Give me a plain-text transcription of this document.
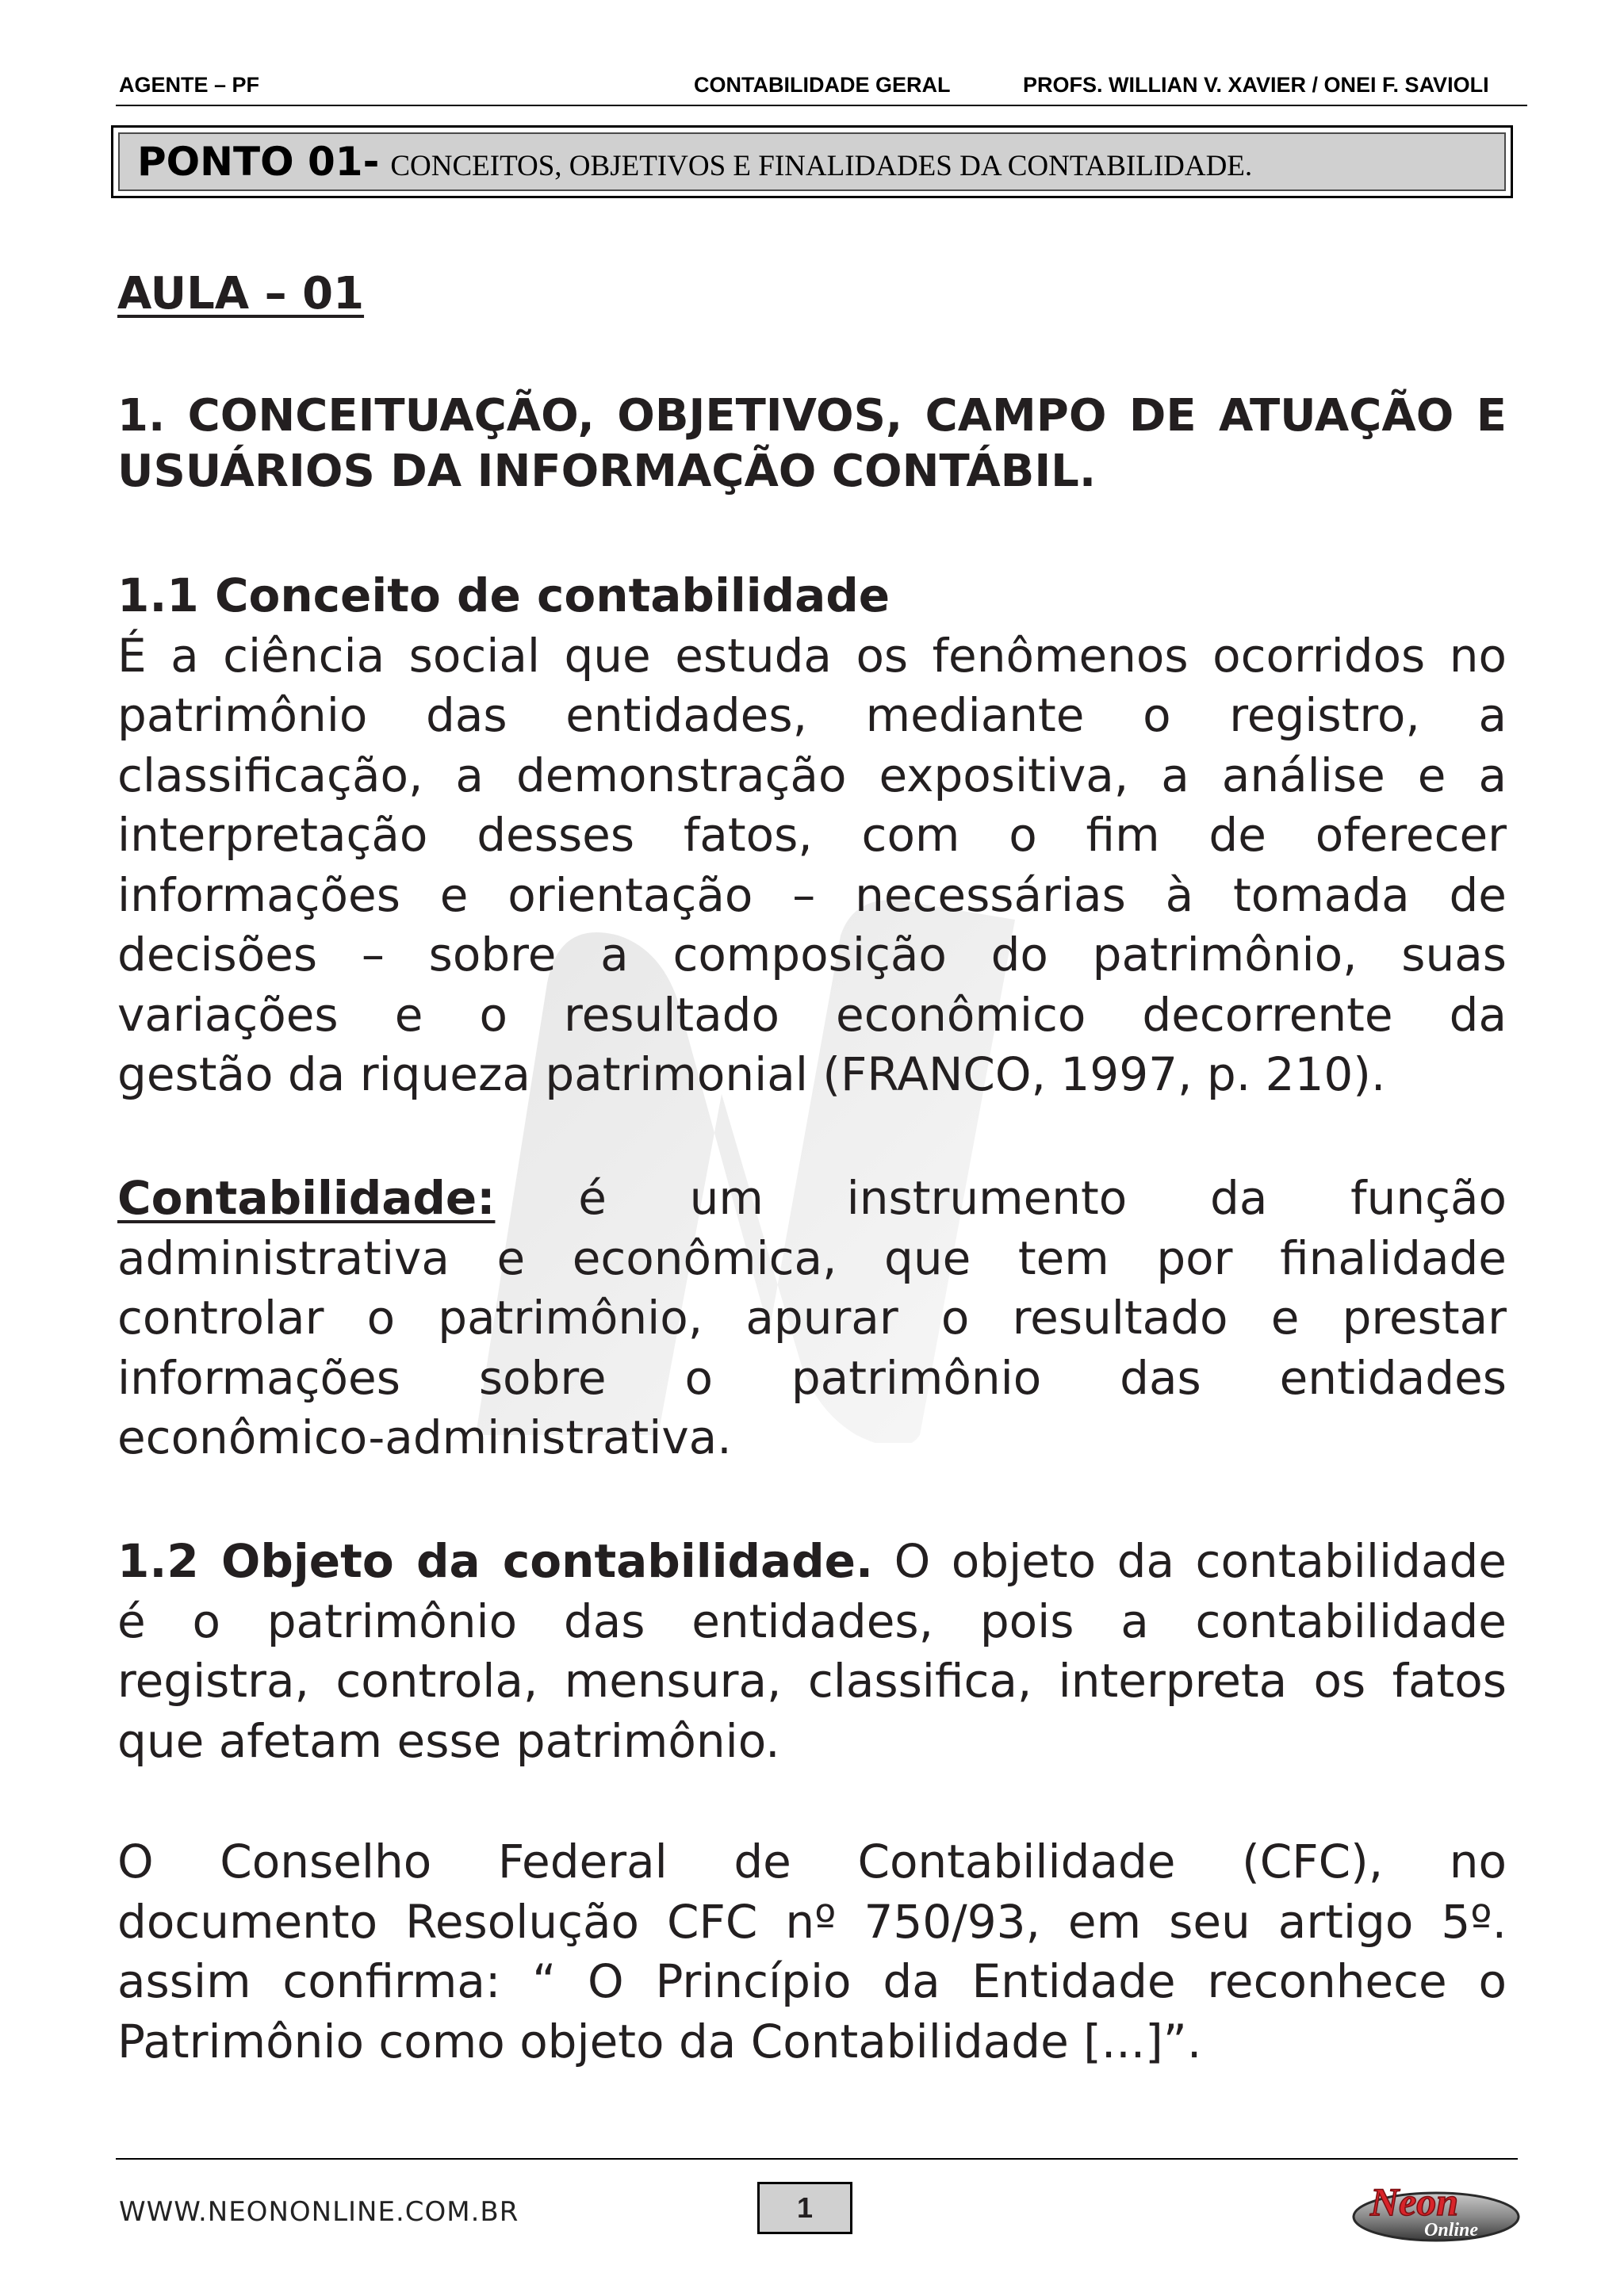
AGENTE – PF	CONTABILIDADE GERAL	PROFS. WILLIAN V. XAVIER / ONEI F. SAVIOLI
PONTO 01- CONCEITOS, OBJETIVOS E FINALIDADES DA CONTABILIDADE.
AULA – 01
1. CONCEITUAÇÃO, OBJETIVOS, CAMPO DE ATUAÇÃO E
USUÁRIOS DA INFORMAÇÃO CONTÁBIL.
1.1 Conceito de contabilidade
É a ciência social que estuda os fenômenos ocorridos no
patrimônio das entidades, mediante o registro, a
classificação, a demonstração expositiva, a análise e a
interpretação desses fatos, com o fim de oferecer
informações e orientação – necessárias à tomada de
decisões – sobre a composição do patrimônio, suas
variações e o resultado econômico decorrente da
gestão da riqueza patrimonial (FRANCO, 1997, p. 210).
Contabilidade: é um instrumento da função
administrativa e econômica, que tem por finalidade
controlar o patrimônio, apurar o resultado e prestar
informações sobre o patrimônio das entidades
econômico-administrativa.
1.2 Objeto da contabilidade. O objeto da contabilidade
é o patrimônio das entidades, pois a contabilidade
registra, controla, mensura, classifica, interpreta os fatos
que afetam esse patrimônio.
O Conselho Federal de Contabilidade (CFC), no
documento Resolução CFC nº 750/93, em seu artigo 5º.
assim confirma: “ O Princípio da Entidade reconhece o
Patrimônio como objeto da Contabilidade [...]”.
WWW.NEONONLINE.COM.BR	1	Neon
Online
